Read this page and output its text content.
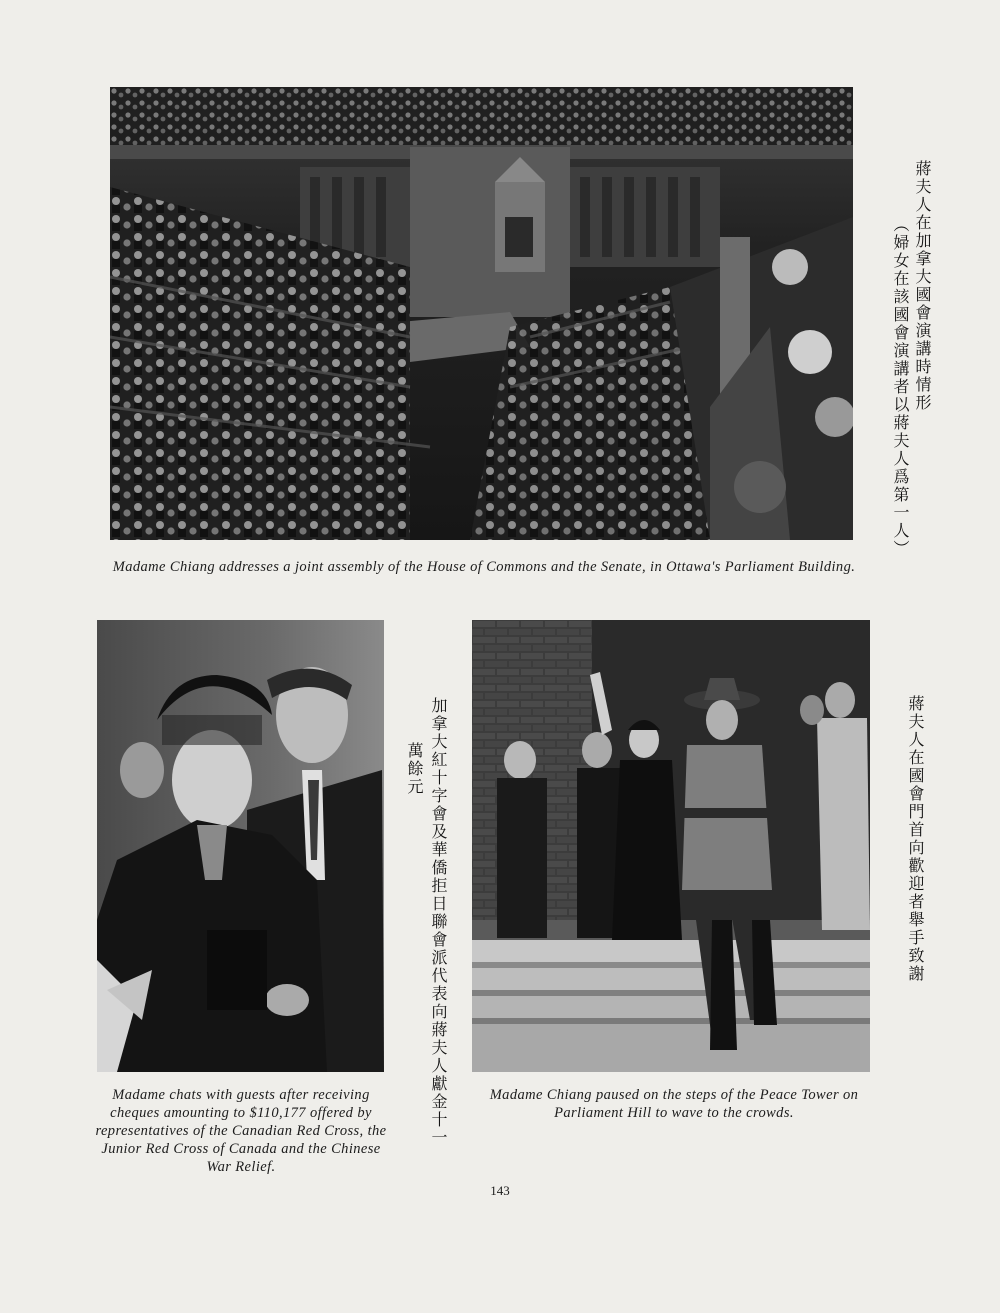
Madame Chiang addresses a joint assembly of the House of Commons and the Senate, in Ottawa's Parliament Building.
蔣夫人在加拿大國會演講時情形
（婦女在該國會演講者以蔣夫人爲第一人）
Madame chats with guests after receiving cheques amounting to $110,177 offered by representatives of the Canadian Red Cross, the Junior Red Cross of Canada and the Chinese War Relief.
加拿大紅十字會及華僑拒日聯會派代表向蔣夫人獻金十一
萬餘元
Madame Chiang paused on the steps of the Peace Tower on Parliament Hill to wave to the crowds.
蔣夫人在國會門首向歡迎者舉手致謝
143
